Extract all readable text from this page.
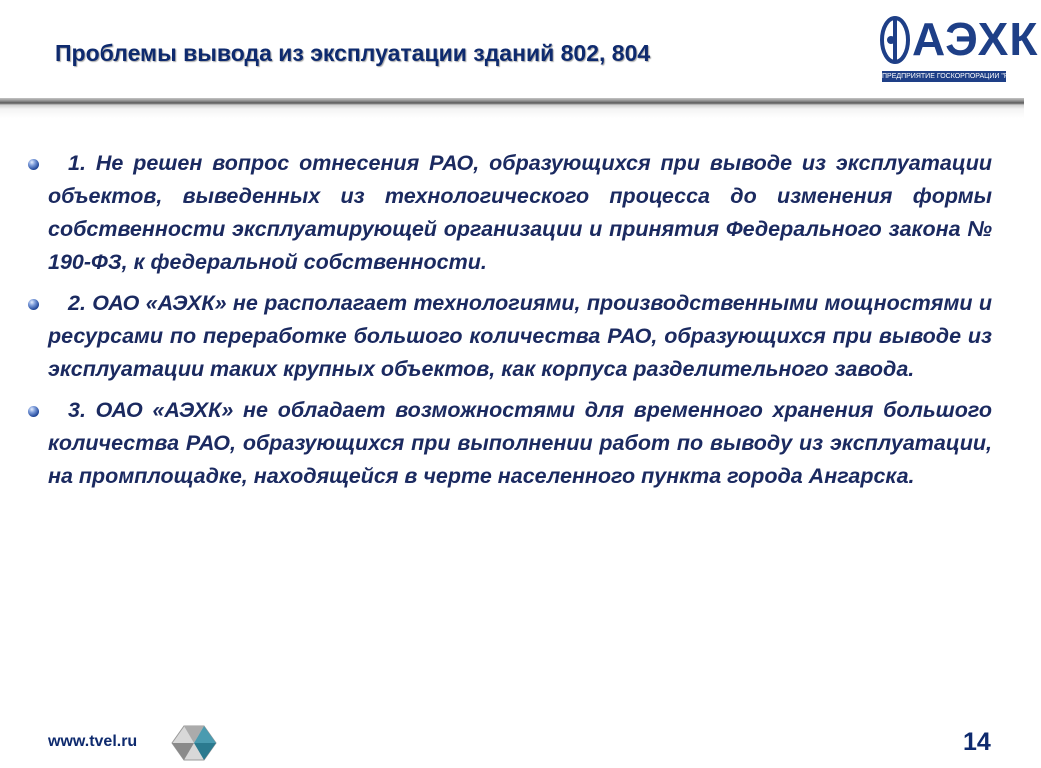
Проблемы вывода из эксплуатации зданий 802, 804	АЭХК
ПРЕДПРИЯТИЕ ГОСКОРПОРАЦИИ "РОСАТОМ"
1. Не решен вопрос отнесения РАО, образующихся при выводе из эксплуатации объектов, выведенных из технологического процесса до изменения формы собственности эксплуатирующей организации и принятия Федерального закона № 190-ФЗ, к федеральной собственности.
2. ОАО «АЭХК» не располагает технологиями, производственными мощностями и ресурсами по переработке большого количества РАО, образующихся при выводе из эксплуатации таких крупных объектов, как корпуса разделительного завода.
3. ОАО «АЭХК» не обладает возможностями для временного хранения большого количества РАО, образующихся при выполнении работ по выводу из эксплуатации, на промплощадке, находящейся в черте населенного пункта города Ангарска.
www.tvel.ru	14
